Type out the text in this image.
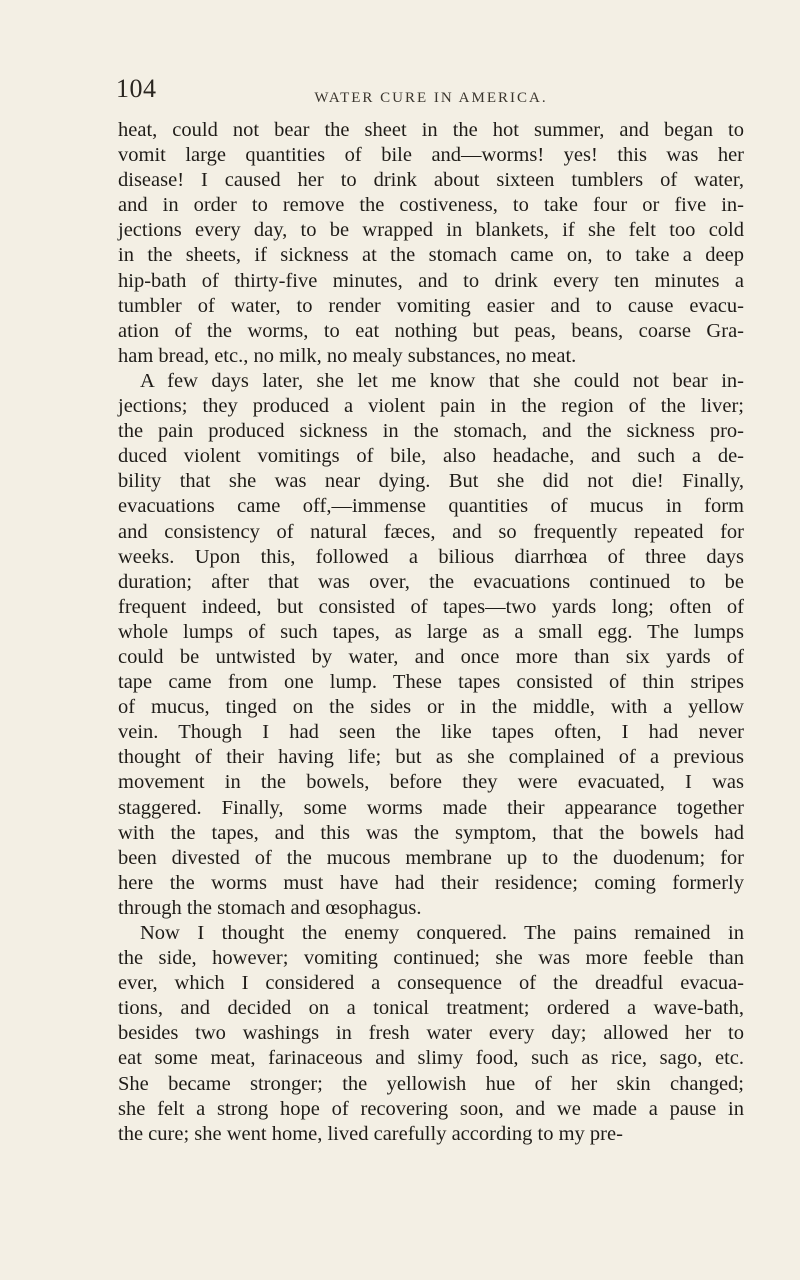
104	WATER CURE IN AMERICA.
heat, could not bear the sheet in the hot summer, and began to
vomit large quantities of bile and—worms! yes! this was her
disease! I caused her to drink about sixteen tumblers of water,
and in order to remove the costiveness, to take four or five in-
jections every day, to be wrapped in blankets, if she felt too cold
in the sheets, if sickness at the stomach came on, to take a deep
hip-bath of thirty-five minutes, and to drink every ten minutes a
tumbler of water, to render vomiting easier and to cause evacu-
ation of the worms, to eat nothing but peas, beans, coarse Gra-
ham bread, etc., no milk, no mealy substances, no meat.
A few days later, she let me know that she could not bear in-
jections; they produced a violent pain in the region of the liver;
the pain produced sickness in the stomach, and the sickness pro-
duced violent vomitings of bile, also headache, and such a de-
bility that she was near dying. But she did not die! Finally,
evacuations came off,—immense quantities of mucus in form
and consistency of natural fæces, and so frequently repeated for
weeks. Upon this, followed a bilious diarrhœa of three days
duration; after that was over, the evacuations continued to be
frequent indeed, but consisted of tapes—two yards long; often of
whole lumps of such tapes, as large as a small egg. The lumps
could be untwisted by water, and once more than six yards of
tape came from one lump. These tapes consisted of thin stripes
of mucus, tinged on the sides or in the middle, with a yellow
vein. Though I had seen the like tapes often, I had never
thought of their having life; but as she complained of a previous
movement in the bowels, before they were evacuated, I was
staggered. Finally, some worms made their appearance together
with the tapes, and this was the symptom, that the bowels had
been divested of the mucous membrane up to the duodenum; for
here the worms must have had their residence; coming formerly
through the stomach and œsophagus.
Now I thought the enemy conquered. The pains remained in
the side, however; vomiting continued; she was more feeble than
ever, which I considered a consequence of the dreadful evacua-
tions, and decided on a tonical treatment; ordered a wave-bath,
besides two washings in fresh water every day; allowed her to
eat some meat, farinaceous and slimy food, such as rice, sago, etc.
She became stronger; the yellowish hue of her skin changed;
she felt a strong hope of recovering soon, and we made a pause in
the cure; she went home, lived carefully according to my pre-
